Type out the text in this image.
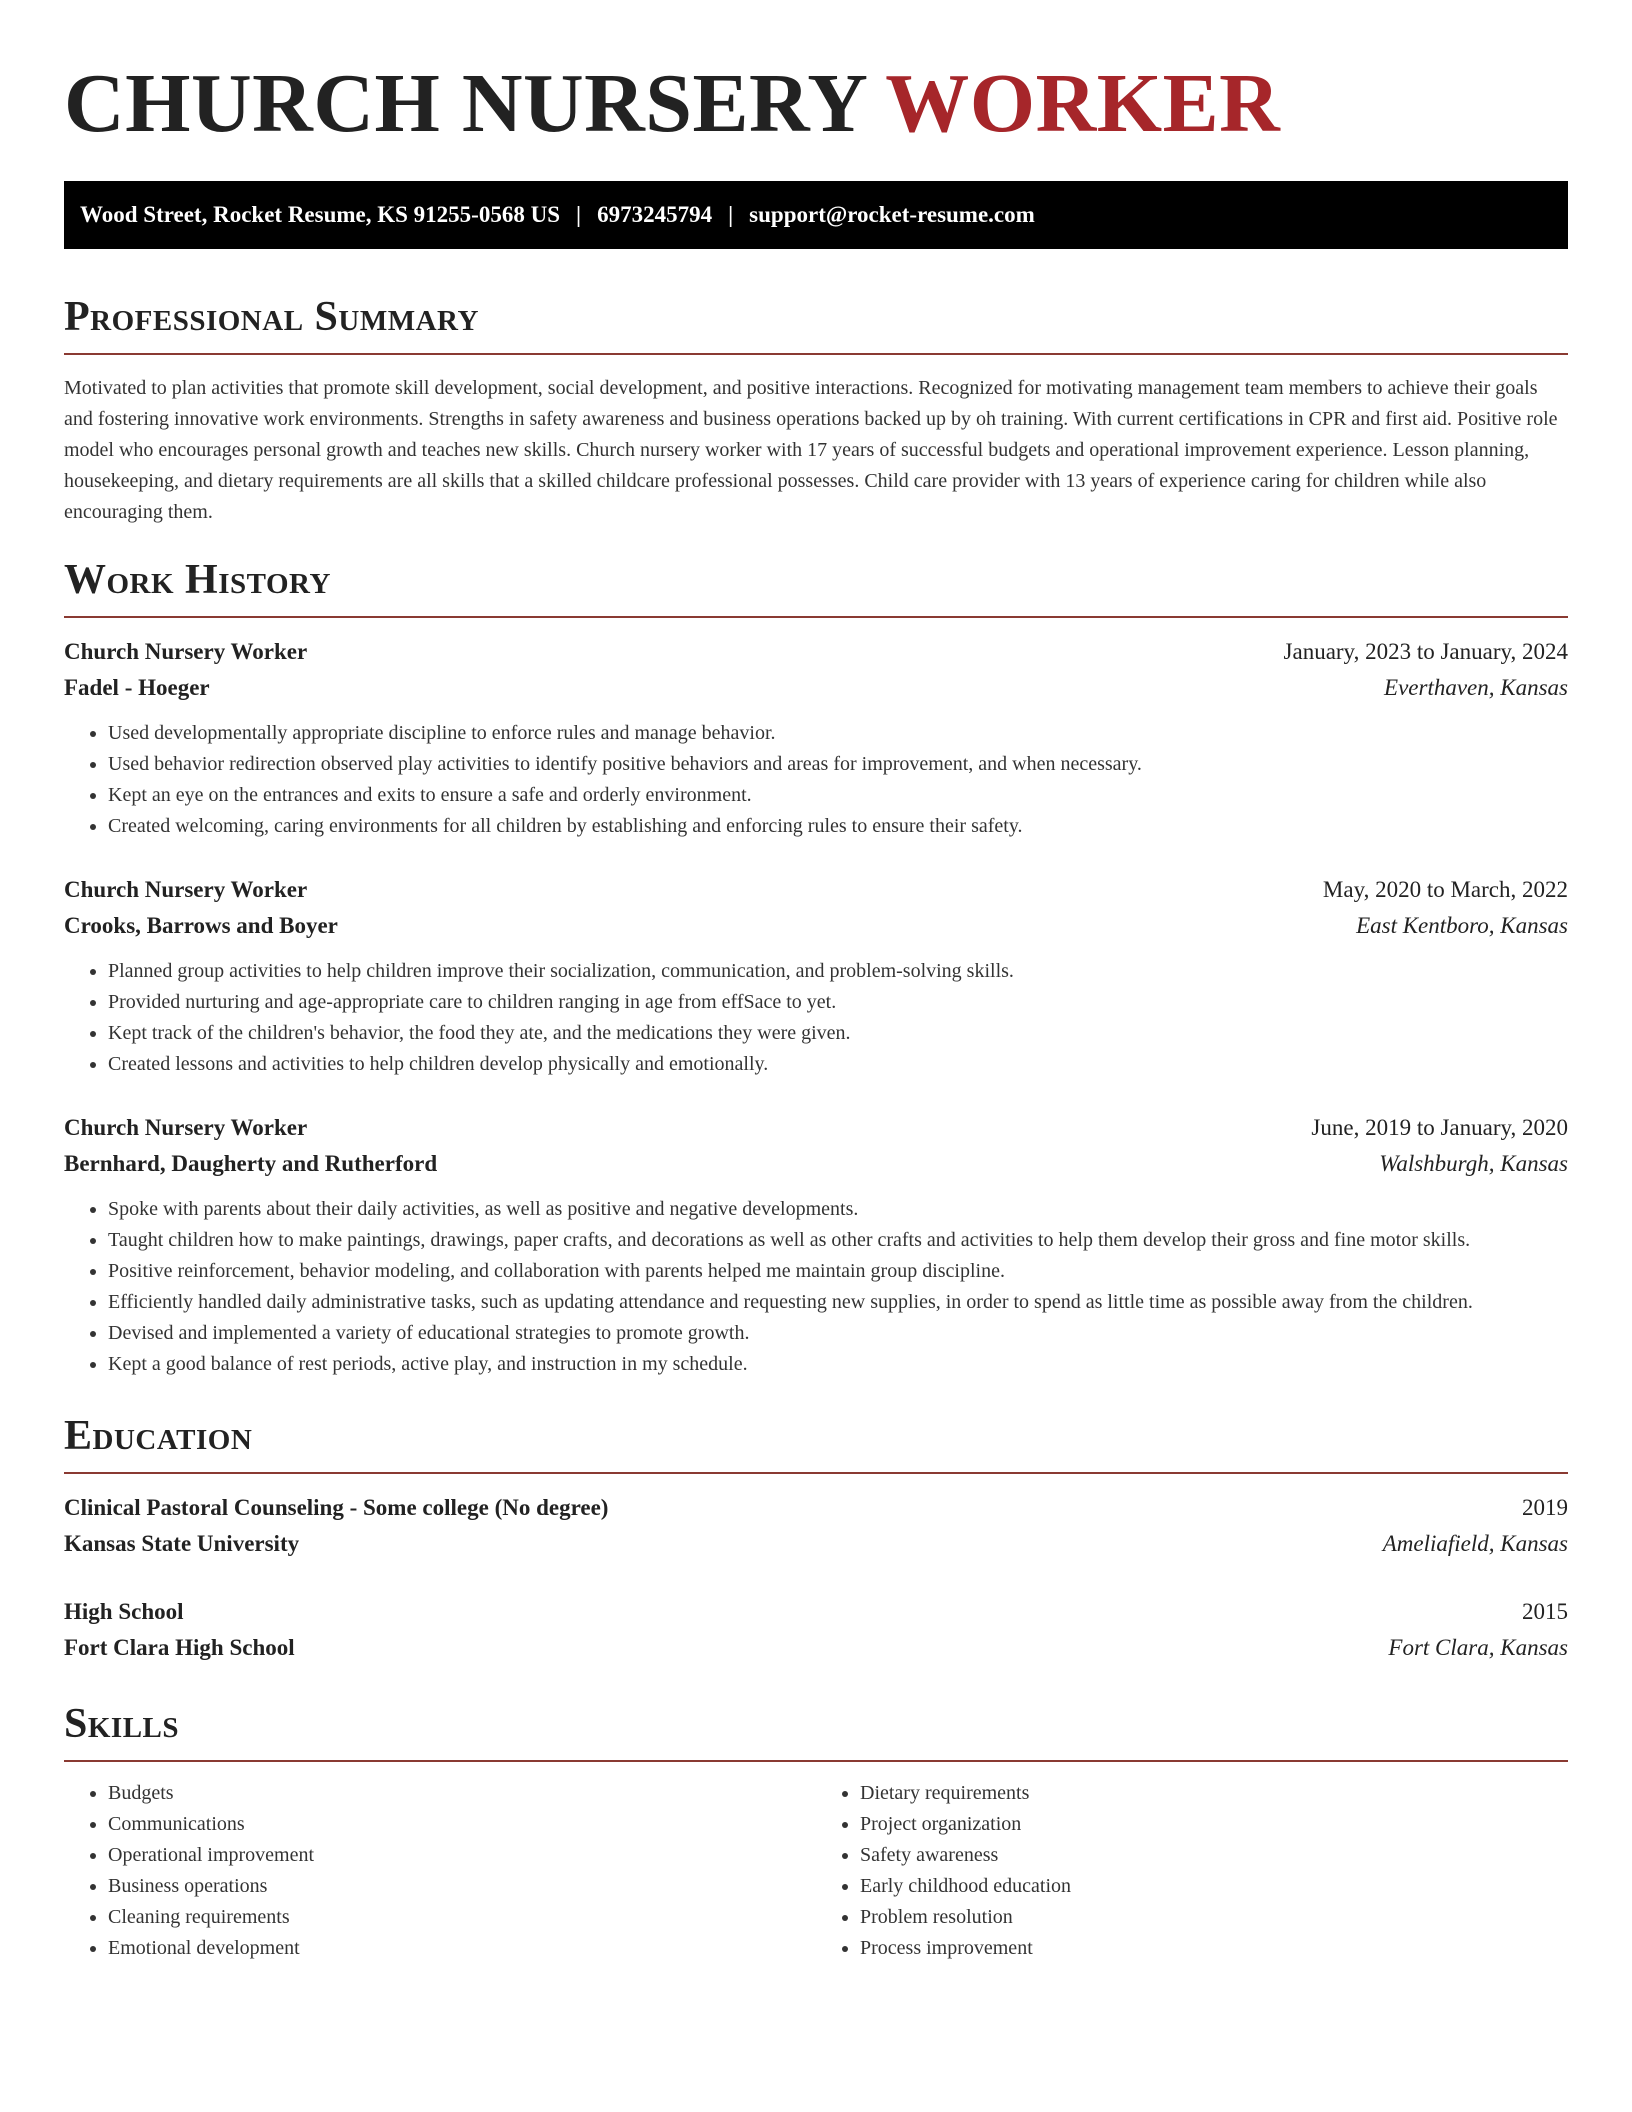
CHURCH NURSERY WORKER
Wood Street, Rocket Resume, KS 91255-0568 US | 6973245794 | support@rocket-resume.com
Professional Summary

Motivated to plan activities that promote skill development, social development, and positive interactions. Recognized for motivating management team members to achieve their goals and fostering innovative work environments. Strengths in safety awareness and business operations backed up by oh training. With current certifications in CPR and first aid. Positive role model who encourages personal growth and teaches new skills. Church nursery worker with 17 years of successful budgets and operational improvement experience. Lesson planning, housekeeping, and dietary requirements are all skills that a skilled childcare professional possesses. Child care provider with 13 years of experience caring for children while also encouraging them.

Work History
Church Nursery Worker	January, 2023 to January, 2024
Fadel - Hoeger	Everthaven, Kansas
• Used developmentally appropriate discipline to enforce rules and manage behavior.
• Used behavior redirection observed play activities to identify positive behaviors and areas for improvement, and when necessary.
• Kept an eye on the entrances and exits to ensure a safe and orderly environment.
• Created welcoming, caring environments for all children by establishing and enforcing rules to ensure their safety.
Church Nursery Worker	May, 2020 to March, 2022
Crooks, Barrows and Boyer	East Kentboro, Kansas
• Planned group activities to help children improve their socialization, communication, and problem-solving skills.
• Provided nurturing and age-appropriate care to children ranging in age from effSace to yet.
• Kept track of the children's behavior, the food they ate, and the medications they were given.
• Created lessons and activities to help children develop physically and emotionally.
Church Nursery Worker	June, 2019 to January, 2020
Bernhard, Daugherty and Rutherford	Walshburgh, Kansas
• Spoke with parents about their daily activities, as well as positive and negative developments.
• Taught children how to make paintings, drawings, paper crafts, and decorations as well as other crafts and activities to help them develop their gross and fine motor skills.
• Positive reinforcement, behavior modeling, and collaboration with parents helped me maintain group discipline.
• Efficiently handled daily administrative tasks, such as updating attendance and requesting new supplies, in order to spend as little time as possible away from the children.
• Devised and implemented a variety of educational strategies to promote growth.
• Kept a good balance of rest periods, active play, and instruction in my schedule.
Education
Clinical Pastoral Counseling - Some college (No degree)	2019
Kansas State University	Ameliafield, Kansas
High School	2015
Fort Clara High School	Fort Clara, Kansas
Skills
• Budgets
• Communications
• Operational improvement
• Business operations
• Cleaning requirements
• Emotional development
• Dietary requirements
• Project organization
• Safety awareness
• Early childhood education
• Problem resolution
• Process improvement
